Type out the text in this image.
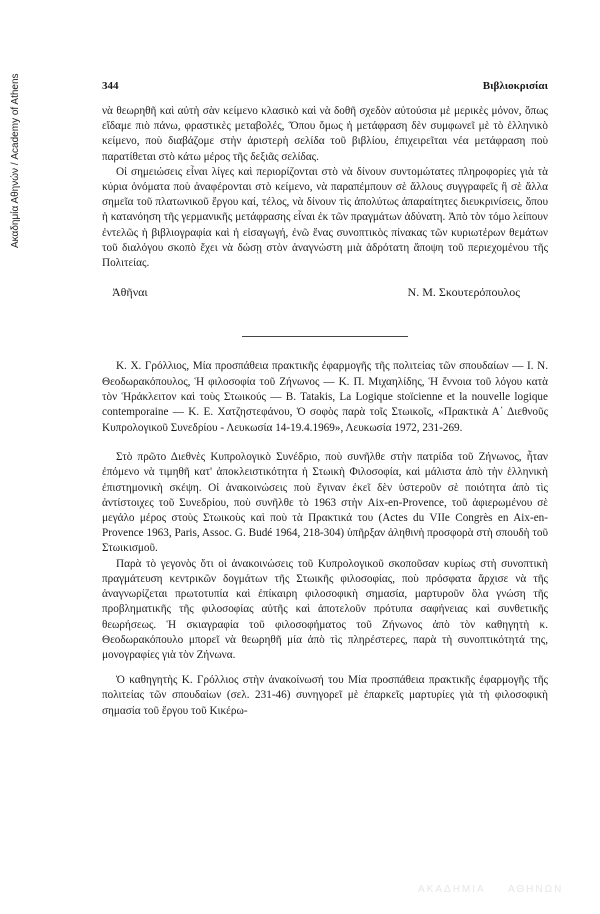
Ακαδημία Αθηνών / Academy of Athens	344	Βιβλιοκρισίαι

νὰ θεωρηθῆ καὶ αὐτὴ σὰν κείμενο κλασικὸ καὶ νὰ δοθῆ σχεδὸν αὐτούσια μὲ μερικὲς μόνον, ὅπως εἴδαμε πιὸ πάνω, φραστικὲς μεταβολές, Ὅπου ὅμως ἡ μετάφραση δὲν συμφωνεῖ μὲ τὸ ἑλληνικὸ κείμενο, ποὺ διαβάζομε στὴν ἀριστερὴ σελίδα τοῦ βιβλίου, ἐπιχειρεῖται νέα μετάφραση ποὺ παρατίθεται στὸ κάτω μέρος τῆς δεξιᾶς σελίδας.

Οἱ σημειώσεις εἶναι λίγες καὶ περιορίζονται στὸ νὰ δίνουν συντομώτατες πληροφορίες γιὰ τὰ κύρια ὀνόματα ποὺ ἀναφέρονται στὸ κείμενο, νὰ παραπέμπουν σὲ ἄλλους συγγραφεῖς ἢ σὲ ἄλλα σημεῖα τοῦ πλατωνικοῦ ἔργου καί, τέλος, νὰ δίνουν τὶς ἀπολύτως ἀπαραίτητες διευκρινίσεις, ὅπου ἡ κατανόηση τῆς γερμανικῆς μετάφρασης εἶναι ἐκ τῶν πραγμάτων ἀδύνατη. Ἀπὸ τὸν τόμο λείπουν ἐντελῶς ἡ βιβλιογραφία καὶ ἡ εἰσαγωγή, ἐνῶ ἕνας συνοπτικὸς πίνακας τῶν κυριωτέρων θεμάτων τοῦ διαλόγου σκοπὸ ἔχει νὰ δώσῃ στὸν ἀναγνώστη μιὰ ἀδρότατη ἄποψη τοῦ περιεχομένου τῆς Πολιτείας.

Ἀθῆναι	Ν. Μ. Σκουτερόπουλος

Κ. Χ. Γρόλλιος, Μία προσπάθεια πρακτικῆς ἐφαρμογῆς τῆς πολιτείας τῶν σπουδαίων — Ι. Ν. Θεοδωρακόπουλος, Ἡ φιλοσοφία τοῦ Ζήνωνος — Κ. Π. Μιχαηλίδης, Ἡ ἔννοια τοῦ λόγου κατὰ τὸν Ἡράκλειτον καὶ τοὺς Στωικούς — B. Tatakis, La Logique stoïcienne et la nouvelle logique contemporaine — Κ. Ε. Χατζηστεφάνου, Ὁ σοφὸς παρὰ τοῖς Στωικοῖς, «Πρακτικὰ Α΄ Διεθνοῦς Κυπρολογικοῦ Συνεδρίου - Λευκωσία 14-19.4.1969», Λευκωσία 1972, 231-269.

Στὸ πρῶτο Διεθνὲς Κυπρολογικὸ Συνέδριο, ποὺ συνῆλθε στὴν πατρίδα τοῦ Ζήνωνος, ἦταν ἐπόμενο νὰ τιμηθῆ κατ' ἀποκλειστικότητα ἡ Στωικὴ Φιλοσοφία, καὶ μάλιστα ἀπὸ τὴν ἑλληνικὴ ἐπιστημονικὴ σκέψη. Οἱ ἀνακοινώσεις ποὺ ἔγιναν ἐκεῖ δὲν ὑστεροῦν σὲ ποιότητα ἀπὸ τὶς ἀντίστοιχες τοῦ Συνεδρίου, ποὺ συνῆλθε τὸ 1963 στὴν Aix-en-Provence, τοῦ ἀφιερωμένου σὲ μεγάλο μέρος στοὺς Στωικοὺς καὶ ποὺ τὰ Πρακτικά του (Actes du VIIe Congrès en Aix-en-Provence 1963, Paris, Assoc. G. Budé 1964, 218-304) ὑπῆρξαν ἀληθινὴ προσφορὰ στὴ σπουδὴ τοῦ Στωικισμοῦ.

Παρὰ τὸ γεγονὸς ὅτι οἱ ἀνακοινώσεις τοῦ Κυπρολογικοῦ σκοποῦσαν κυρίως στὴ συνοπτικὴ πραγμάτευση κεντρικῶν δογμάτων τῆς Στωικῆς φιλοσοφίας, ποὺ πρόσφατα ἄρχισε νὰ τῆς ἀναγνωρίζεται πρωτοτυπία καὶ ἐπίκαιρη φιλοσοφικὴ σημασία, μαρτυροῦν ὅλα γνώση τῆς προβληματικῆς τῆς φιλοσοφίας αὐτῆς καὶ ἀποτελοῦν πρότυπα σαφήνειας καὶ συνθετικῆς θεωρήσεως. Ἡ σκιαγραφία τοῦ φιλοσοφήματος τοῦ Ζήνωνος ἀπὸ τὸν καθηγητὴ κ. Θεοδωρακόπουλο μπορεῖ νὰ θεωρηθῆ μία ἀπὸ τὶς πληρέστερες, παρὰ τὴ συνοπτικότητά της, μονογραφίες γιὰ τὸν Ζήνωνα.

Ὁ καθηγητὴς Κ. Γρόλλιος στὴν ἀνακοίνωσή του Μία προσπάθεια πρακτικῆς ἐφαρμογῆς τῆς πολιτείας τῶν σπουδαίων (σελ. 231-46) συνηγορεῖ μὲ ἐπαρκεῖς μαρτυρίες γιὰ τὴ φιλοσοφικὴ σημασία τοῦ ἔργου τοῦ Κικέρω-

ΑΚΑΔΗΜΙΑ ΑΘΗΝΩΝ
